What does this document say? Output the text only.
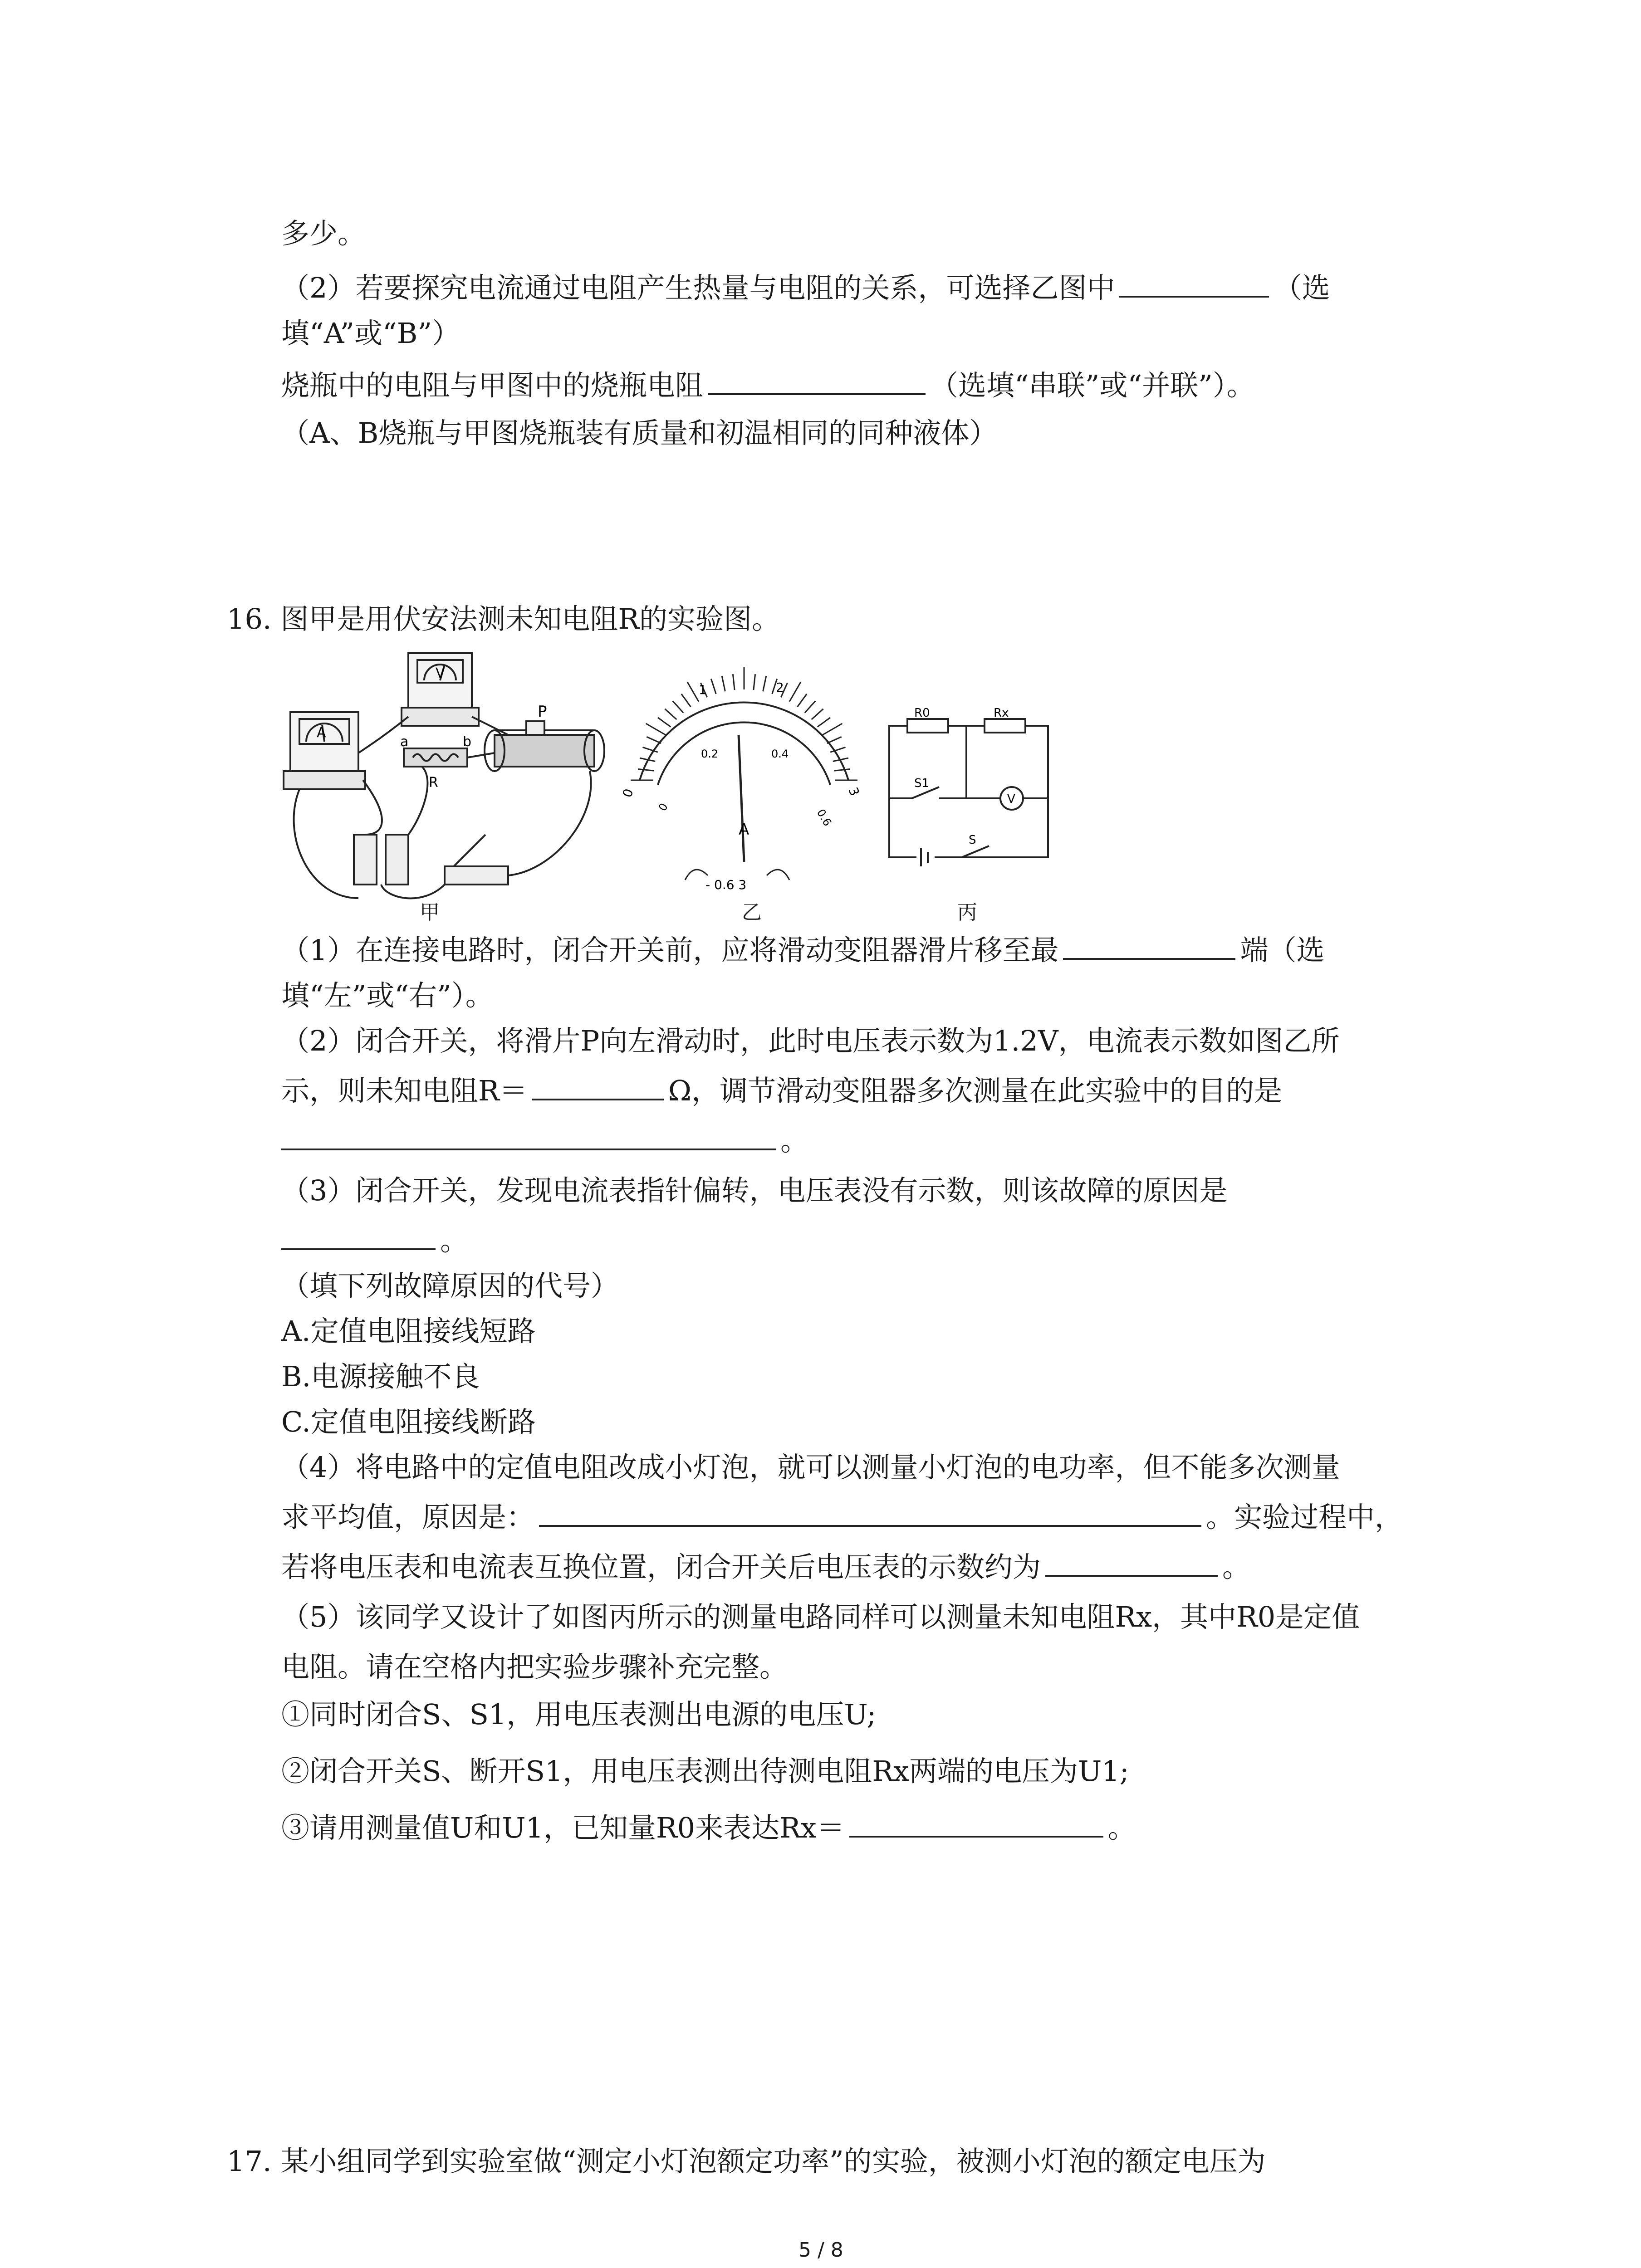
多少。
（2）若要探究电流通过电阻产生热量与电阻的关系，可选择乙图中	（选
填“A”或“B”）
烧瓶中的电阻与甲图中的烧瓶电阻	（选填“串联”或“并联”）。
（A、B烧瓶与甲图烧瓶装有质量和初温相同的同种液体）
16. 图甲是用伏安法测未知电阻R的实验图。
P
V
A
a	b
R
甲
A
0
1	2
3
0
0.2	0.4
0.6
- 0.6 3
乙
R0	Rx
S1
V
S
丙
（1）在连接电路时，闭合开关前，应将滑动变阻器滑片移至最	端（选
填“左”或“右”）。
（2）闭合开关，将滑片P向左滑动时，此时电压表示数为1.2V，电流表示数如图乙所
示，则未知电阻R＝	Ω，调节滑动变阻器多次测量在此实验中的目的是
。
（3）闭合开关，发现电流表指针偏转，电压表没有示数，则该故障的原因是
。
（填下列故障原因的代号）
A.定值电阻接线短路
B.电源接触不良
C.定值电阻接线断路
（4）将电路中的定值电阻改成小灯泡，就可以测量小灯泡的电功率，但不能多次测量
求平均值，原因是：	。实验过程中，
若将电压表和电流表互换位置，闭合开关后电压表的示数约为	。
（5）该同学又设计了如图丙所示的测量电路同样可以测量未知电阻Rx，其中R0是定值
电阻。请在空格内把实验步骤补充完整。
①同时闭合S、S1，用电压表测出电源的电压U;
②闭合开关S、断开S1，用电压表测出待测电阻Rx两端的电压为U1;
③请用测量值U和U1，已知量R0来表达Rx＝	。
17. 某小组同学到实验室做“测定小灯泡额定功率”的实验，被测小灯泡的额定电压为
5 / 8
